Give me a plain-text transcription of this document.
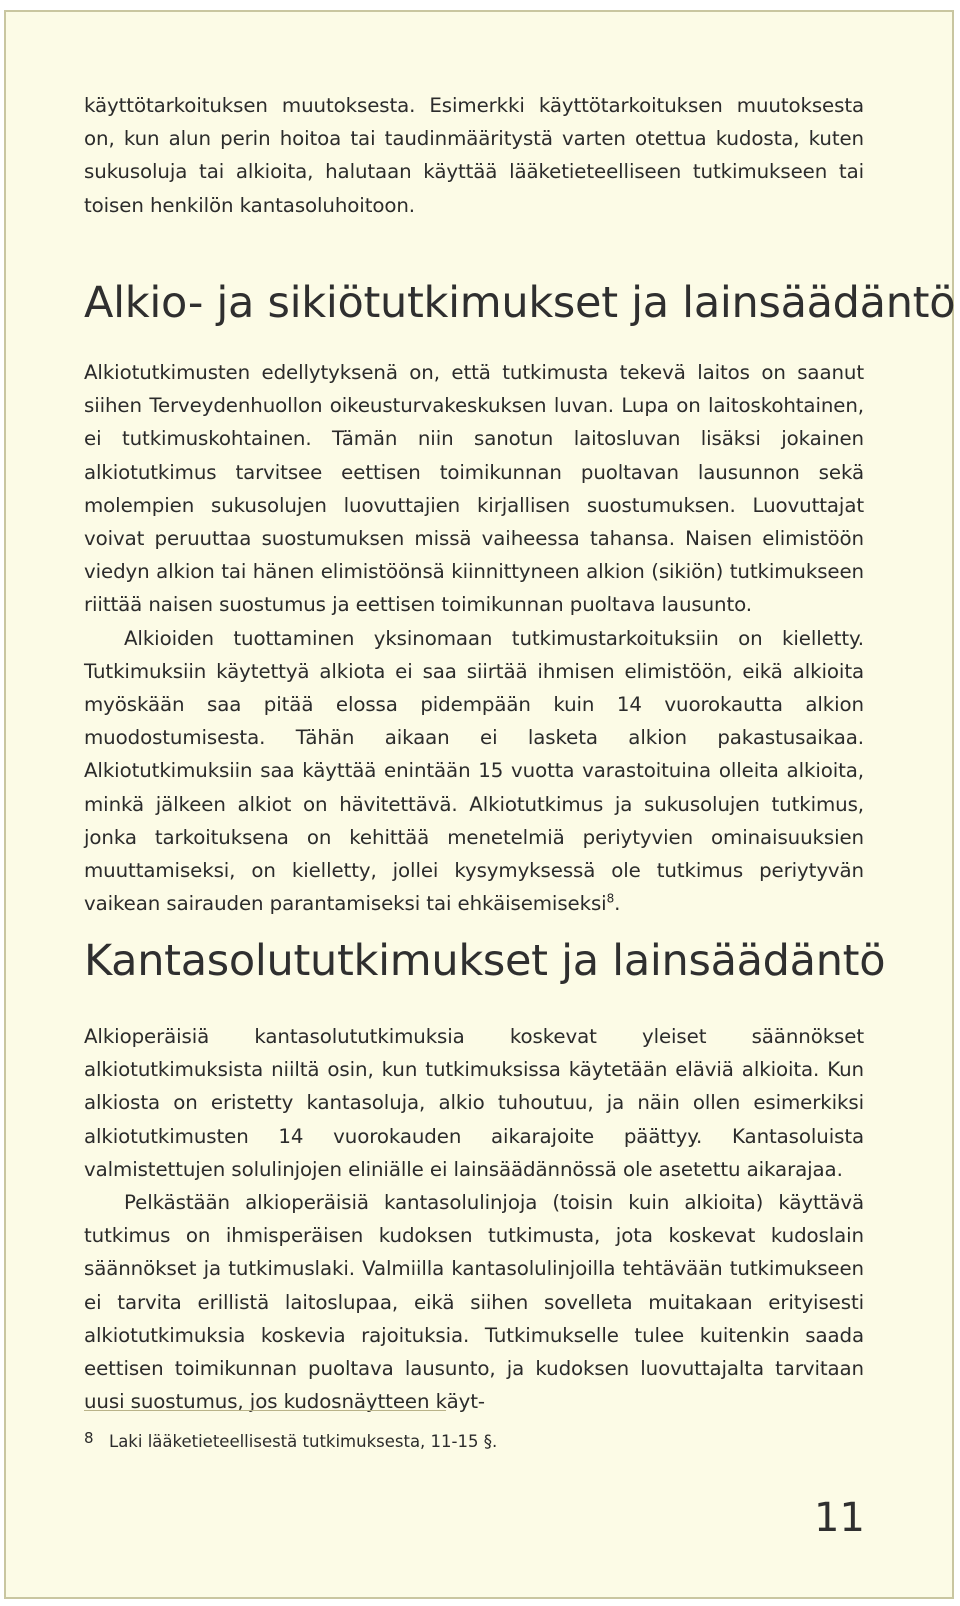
käyttötarkoituksen muutoksesta. Esimerkki käyttötarkoituksen muutoksesta on, kun alun perin hoitoa tai taudinmääritystä varten otettua kudosta, kuten sukusoluja tai alkioita, halutaan käyttää lääketieteelliseen tutkimukseen tai toisen henkilön kantasoluhoitoon.

Alkio- ja sikiötutkimukset ja lainsäädäntö

Alkiotutkimusten edellytyksenä on, että tutkimusta tekevä laitos on saanut siihen Terveydenhuollon oikeusturvakeskuksen luvan. Lupa on laitoskohtainen, ei tutkimuskohtainen. Tämän niin sanotun laitosluvan lisäksi jokainen alkiotutkimus tarvitsee eettisen toimikunnan puoltavan lausunnon sekä molempien sukusolujen luovuttajien kirjallisen suostumuksen. Luovuttajat voivat peruuttaa suostumuksen missä vaiheessa tahansa. Naisen elimistöön viedyn alkion tai hänen elimistöönsä kiinnittyneen alkion (sikiön) tutkimukseen riittää naisen suostumus ja eettisen toimikunnan puoltava lausunto.

Alkioiden tuottaminen yksinomaan tutkimustarkoituksiin on kielletty. Tutkimuksiin käytettyä alkiota ei saa siirtää ihmisen elimistöön, eikä alkioita myöskään saa pitää elossa pidempään kuin 14 vuorokautta alkion muodostumisesta. Tähän aikaan ei lasketa alkion pakastusaikaa. Alkiotutkimuksiin saa käyttää enintään 15 vuotta varastoituina olleita alkioita, minkä jälkeen alkiot on hävitettävä. Alkiotutkimus ja sukusolujen tutkimus, jonka tarkoituksena on kehittää menetelmiä periytyvien ominaisuuksien muuttamiseksi, on kielletty, jollei kysymyksessä ole tutkimus periytyvän vaikean sairauden parantamiseksi tai ehkäisemiseksi$^8$.

Kantasolututkimukset ja lainsäädäntö

Alkioperäisiä kantasolututkimuksia koskevat yleiset säännökset alkiotutkimuksista niiltä osin, kun tutkimuksissa käytetään eläviä alkioita. Kun alkiosta on eristetty kantasoluja, alkio tuhoutuu, ja näin ollen esimerkiksi alkiotutkimusten 14 vuorokauden aikarajoite päättyy. Kantasoluista valmistettujen solulinjojen eliniälle ei lainsäädännössä ole asetettu aikarajaa.

Pelkästään alkioperäisiä kantasolulinjoja (toisin kuin alkioita) käyttävä tutkimus on ihmisperäisen kudoksen tutkimusta, jota koskevat kudoslain säännökset ja tutkimuslaki. Valmiilla kantasolulinjoilla tehtävään tutkimukseen ei tarvita erillistä laitoslupaa, eikä siihen sovelleta muitakaan erityisesti alkiotutkimuksia koskevia rajoituksia. Tutkimukselle tulee kuitenkin saada eettisen toimikunnan puoltava lausunto, ja kudoksen luovuttajalta tarvitaan uusi suostumus, jos kudosnäytteen käyt-

8 Laki lääketieteellisestä tutkimuksesta, 11-15 §.
11
